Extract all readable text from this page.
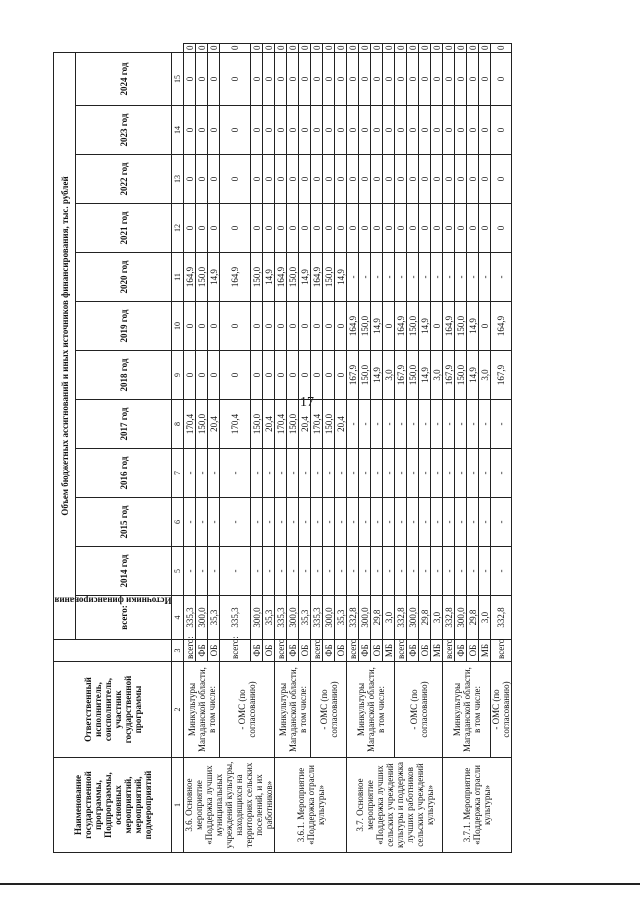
17
Наименование государственной программы, Подпрограммы, основных мероприятий, мероприятий, подмероприятий	Ответственный исполнитель, соисполнитель, участник государственной программы	Источники финансирования	Объем бюджетных ассигнований и иных источников финансирования, тыс. рублей												
			всего:	2014 год	2015 год	2016 год	2017 год	2018 год	2019 год	2020 год	2021 год	2022 год	2023 год	2024 год	
1	2	3	4	5	6	7	8	9	10	11	12	13	14	15	
3.6. Основное мероприятие «Поддержка лучших муниципальных учреждений культуры, находящихся на территориях сельских поселений, и их работников»	Минкультуры Магаданской области, в том числе:	всего:	335,3	-	-	-	170,4	0	0	164,9	0	0	0	0	0
		ФБ	300,0	-	-	-	150,0	0	0	150,0	0	0	0	0	0
		ОБ	35,3	-	-	-	20,4	0	0	14,9	0	0	0	0	0
	- ОМС (по согласованию)	всего:	335,3	-	-	-	170,4	0	0	164,9	0	0	0	0	0
		ФБ	300,0	-	-	-	150,0	0	0	150,0	0	0	0	0	0
		ОБ	35,3	-	-	-	20,4	0	0	14,9	0	0	0	0	0
3.6.1. Мероприятие «Поддержка отрасли культуры»	Минкультуры Магаданской области, в том числе:	всего	335,3	-	-	-	170,4	0	0	164,9	0	0	0	0	0
		ФБ	300,0	-	-	-	150,0	0	0	150,0	0	0	0	0	0
		ОБ	35,3	-	-	-	20,4	0	0	14,9	0	0	0	0	0
	- ОМС (по согласованию)	всего	335,3	-	-	-	170,4	0	0	164,9	0	0	0	0	0
		ФБ	300,0	-	-	-	150,0	0	0	150,0	0	0	0	0	0
		ОБ	35,3	-	-	-	20,4	0	0	14,9	0	0	0	0	0
3.7. Основное мероприятие «Поддержка лучших сельских учреждений культуры и поддержка лучших работников сельских учреждений культуры»	Минкультуры Магаданской области, в том числе:	всего	332,8	-	-	-	-	167,9	164,9	-	0	0	0	0	0
		ФБ	300,0	-	-	-	-	150,0	150,0	-	0	0	0	0	0
		ОБ	29,8	-	-	-	-	14,9	14,9	-	0	0	0	0	0
		МБ	3,0	-	-	-	-	3,0	0	-	0	0	0	0	0
	- ОМС (по согласованию)	всего	332,8	-	-	-	-	167,9	164,9	-	0	0	0	0	0
		ФБ	300,0	-	-	-	-	150,0	150,0	-	0	0	0	0	0
		ОБ	29,8	-	-	-	-	14,9	14,9	-	0	0	0	0	0
		МБ	3,0	-	-	-	-	3,0	0	-	0	0	0	0	0
3.7.1. Мероприятие «Поддержка отрасли культуры»	Минкультуры Магаданской области, в том числе:	всего	332,8	-	-	-	-	167,9	164,9	-	0	0	0	0	0
		ФБ	300,0	-	-	-	-	150,0	150,0	-	0	0	0	0	0
		ОБ	29,8	-	-	-	-	14,9	14,9	-	0	0	0	0	0
		МБ	3,0	-	-	-	-	3,0	0	-	0	0	0	0	0
	- ОМС (по согласованию)	всего	332,8	-	-	-	-	167,9	164,9	-	0	0	0	0	0
